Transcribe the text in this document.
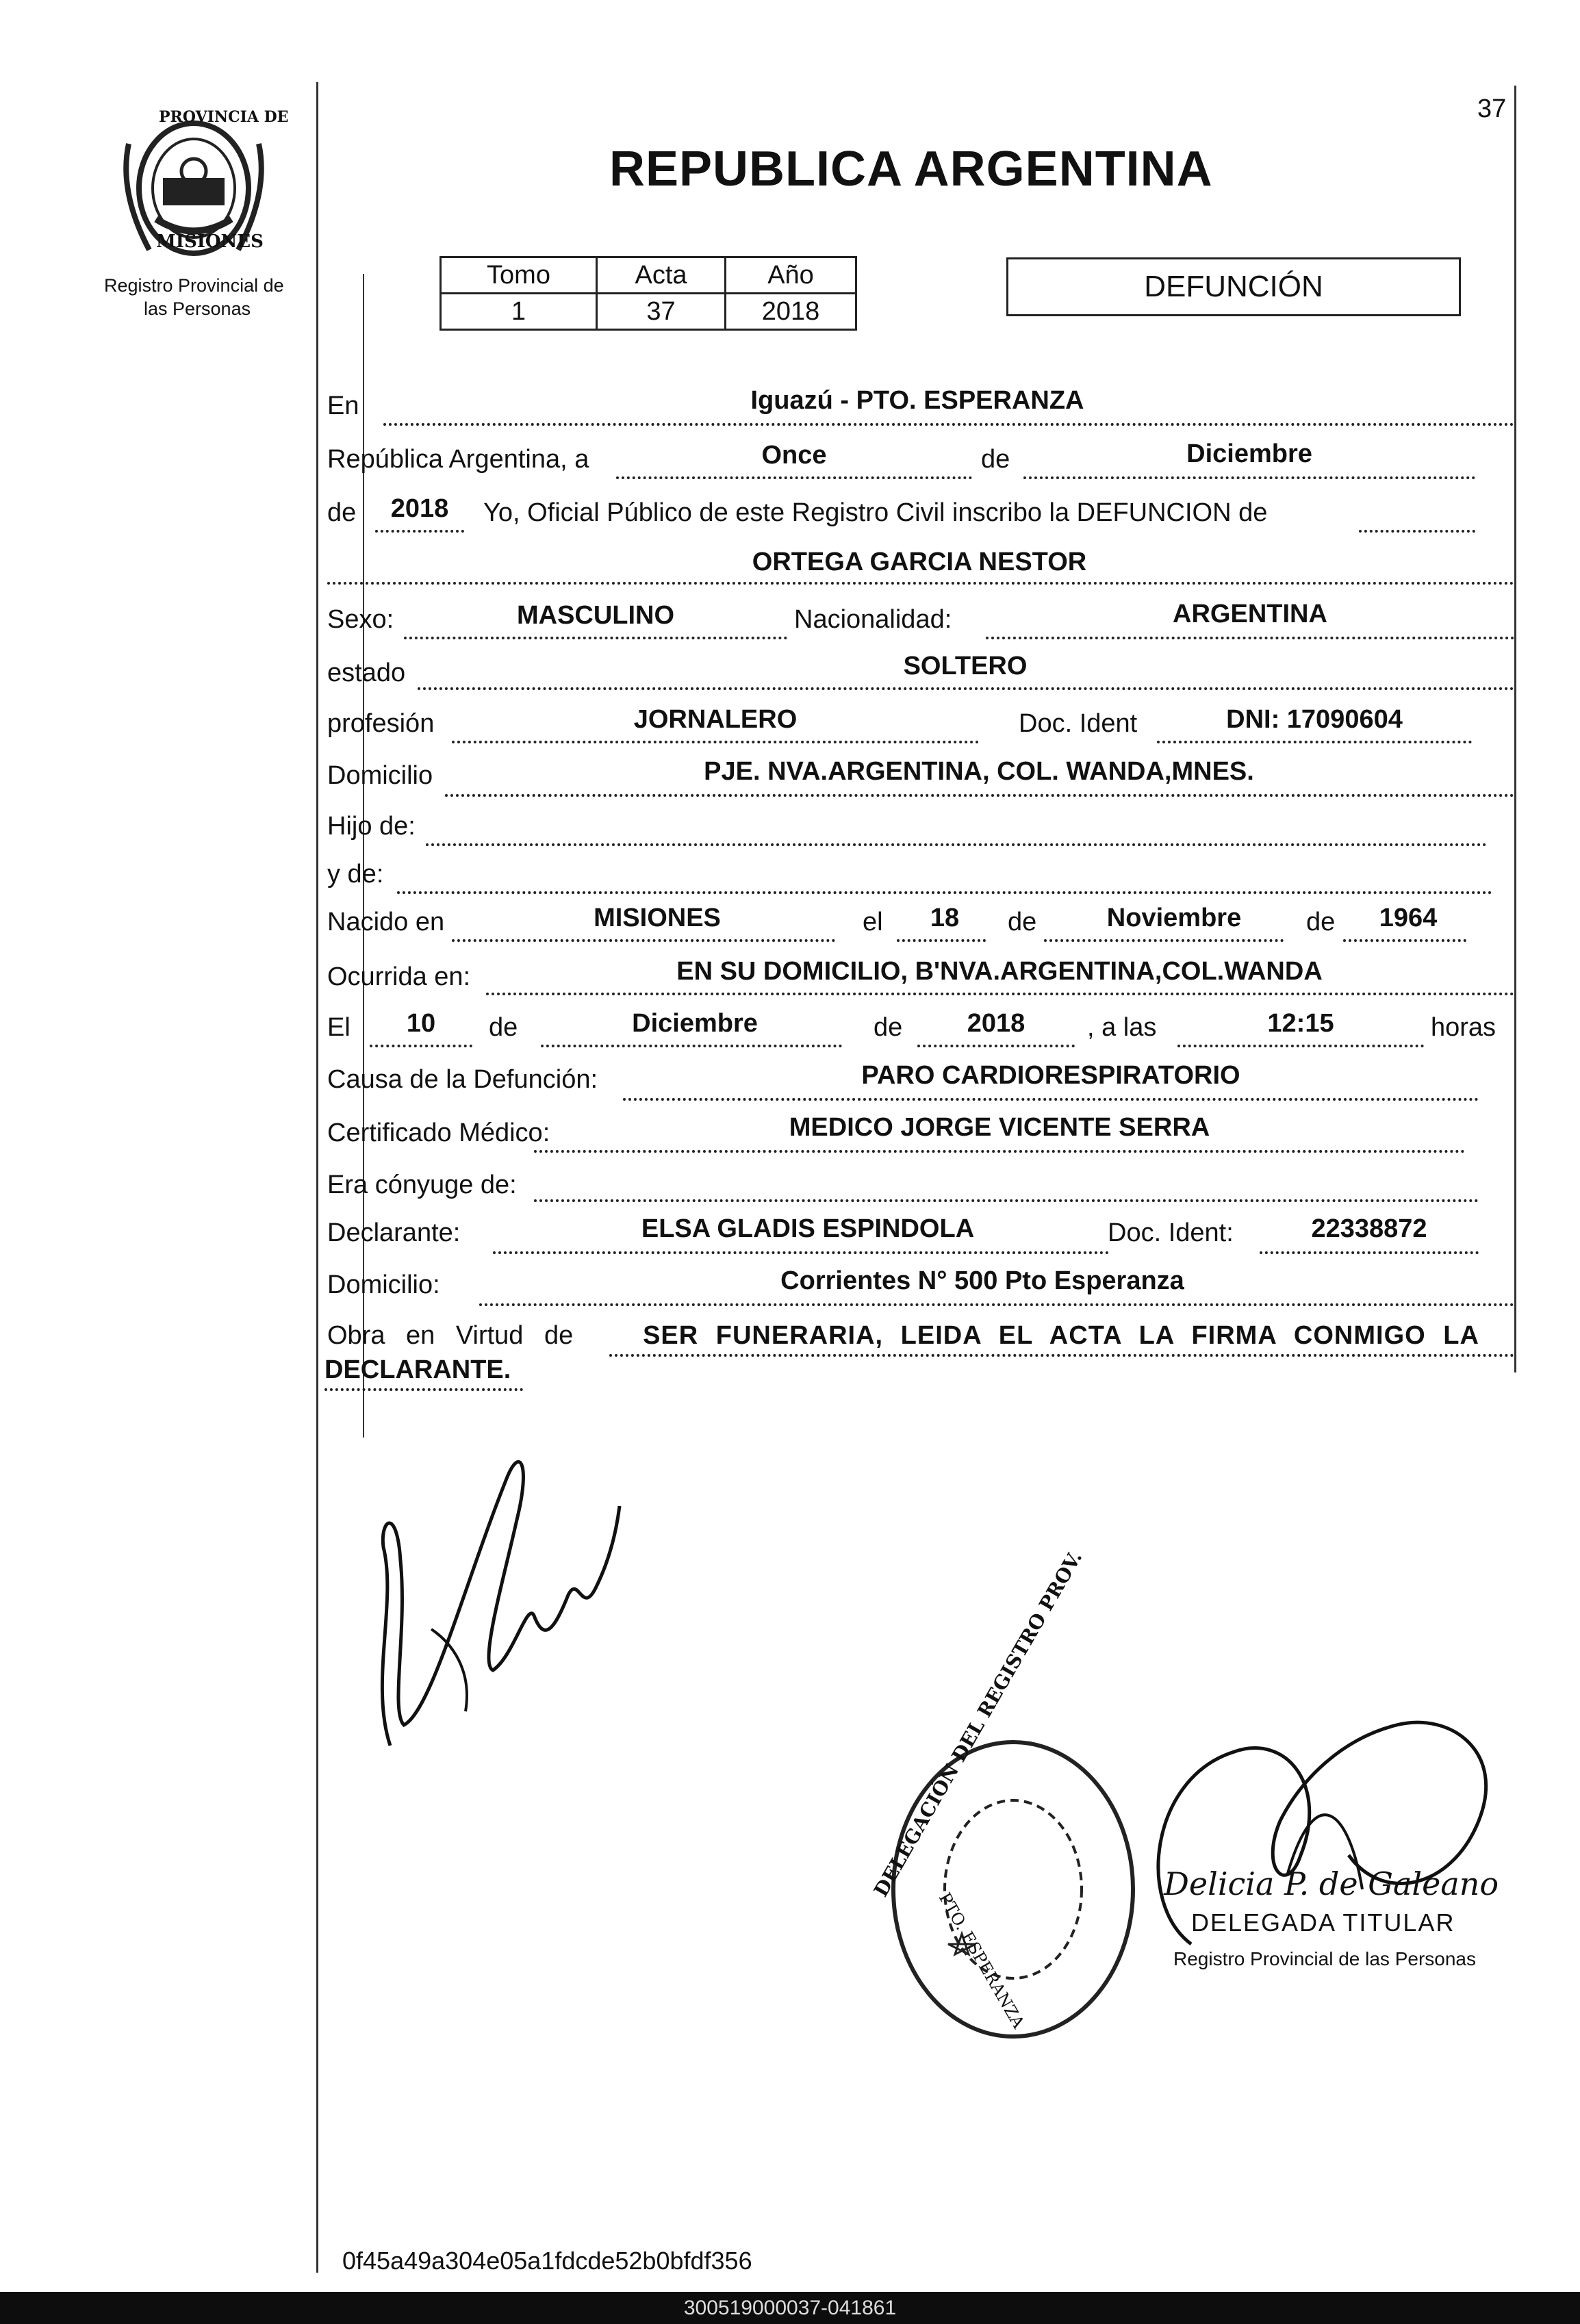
37
PROVINCIA DE
MISIONES
Registro Provincial de
las Personas
REPUBLICA ARGENTINA
Tomo	Acta	Año
1	37	2018
DEFUNCIÓN
En	Iguazú - PTO. ESPERANZA
República Argentina, a	Once	de	Diciembre
de	2018	Yo, Oficial Público de este Registro Civil inscribo la DEFUNCION de
ORTEGA GARCIA NESTOR
Sexo:	MASCULINO	Nacionalidad:	ARGENTINA
estado	SOLTERO
profesión	JORNALERO	Doc. Ident	DNI: 17090604
Domicilio	PJE. NVA.ARGENTINA, COL. WANDA,MNES.
Hijo de:
y de:
Nacido en	MISIONES	el	18	de	Noviembre	de	1964
Ocurrida en:	EN SU DOMICILIO, B'NVA.ARGENTINA,COL.WANDA
El	10	de	Diciembre	de	2018	, a las	12:15	horas
Causa de la Defunción:	PARO CARDIORESPIRATORIO
Certificado Médico:	MEDICO JORGE VICENTE SERRA
Era cónyuge de:
Declarante:	ELSA GLADIS ESPINDOLA	Doc. Ident:	22338872
Domicilio:	Corrientes N° 500 Pto Esperanza
Obra en Virtud de	SER FUNERARIA, LEIDA EL ACTA LA FIRMA CONMIGO LA
DECLARANTE.
DELEGACIÓN DEL REGISTRO PROV.
PTO. ESPERANZA
Delicia P. de Galeano
DELEGADA TITULAR
Registro Provincial de las Personas
0f45a49a304e05a1fdcde52b0bfdf356
300519000037-041861
